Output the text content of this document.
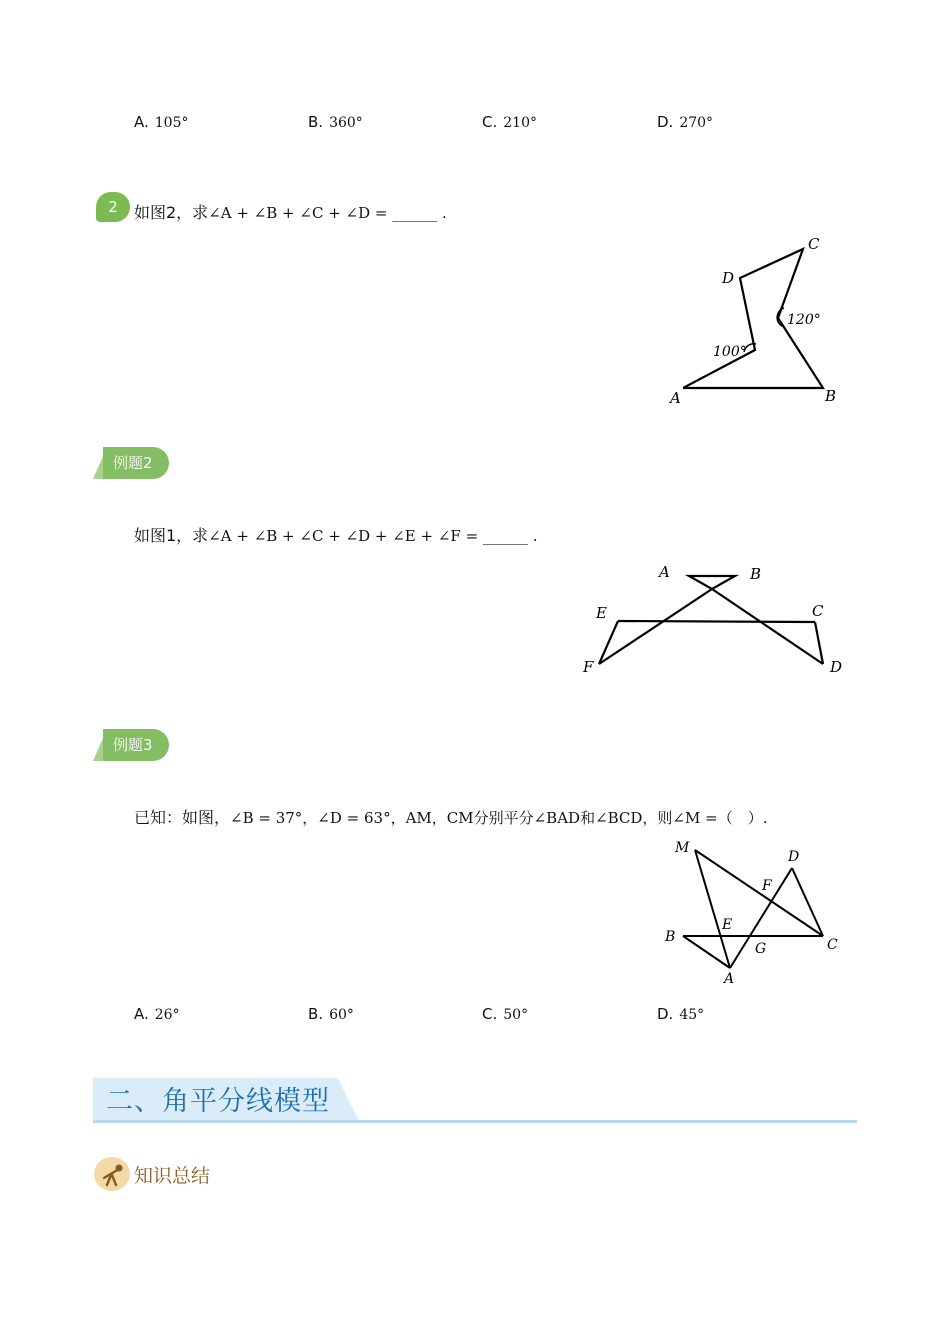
A. 105°	B. 360°	C. 210°	D. 270°
2	如图2，求∠A + ∠B + ∠C + ∠D = ______ .
A	B
C
D
100°
120°
例题2
如图1，求∠A + ∠B + ∠C + ∠D + ∠E + ∠F = ______ .
A	B
C
D
E
F
例题3
已知：如图，∠B = 37°，∠D = 63°，AM，CM分别平分∠BAD和∠BCD，则∠M =（　）.
M
D
F
E
B
G	C
A
A. 26°	B. 60°	C. 50°	D. 45°
二、角平分线模型
知识总结
